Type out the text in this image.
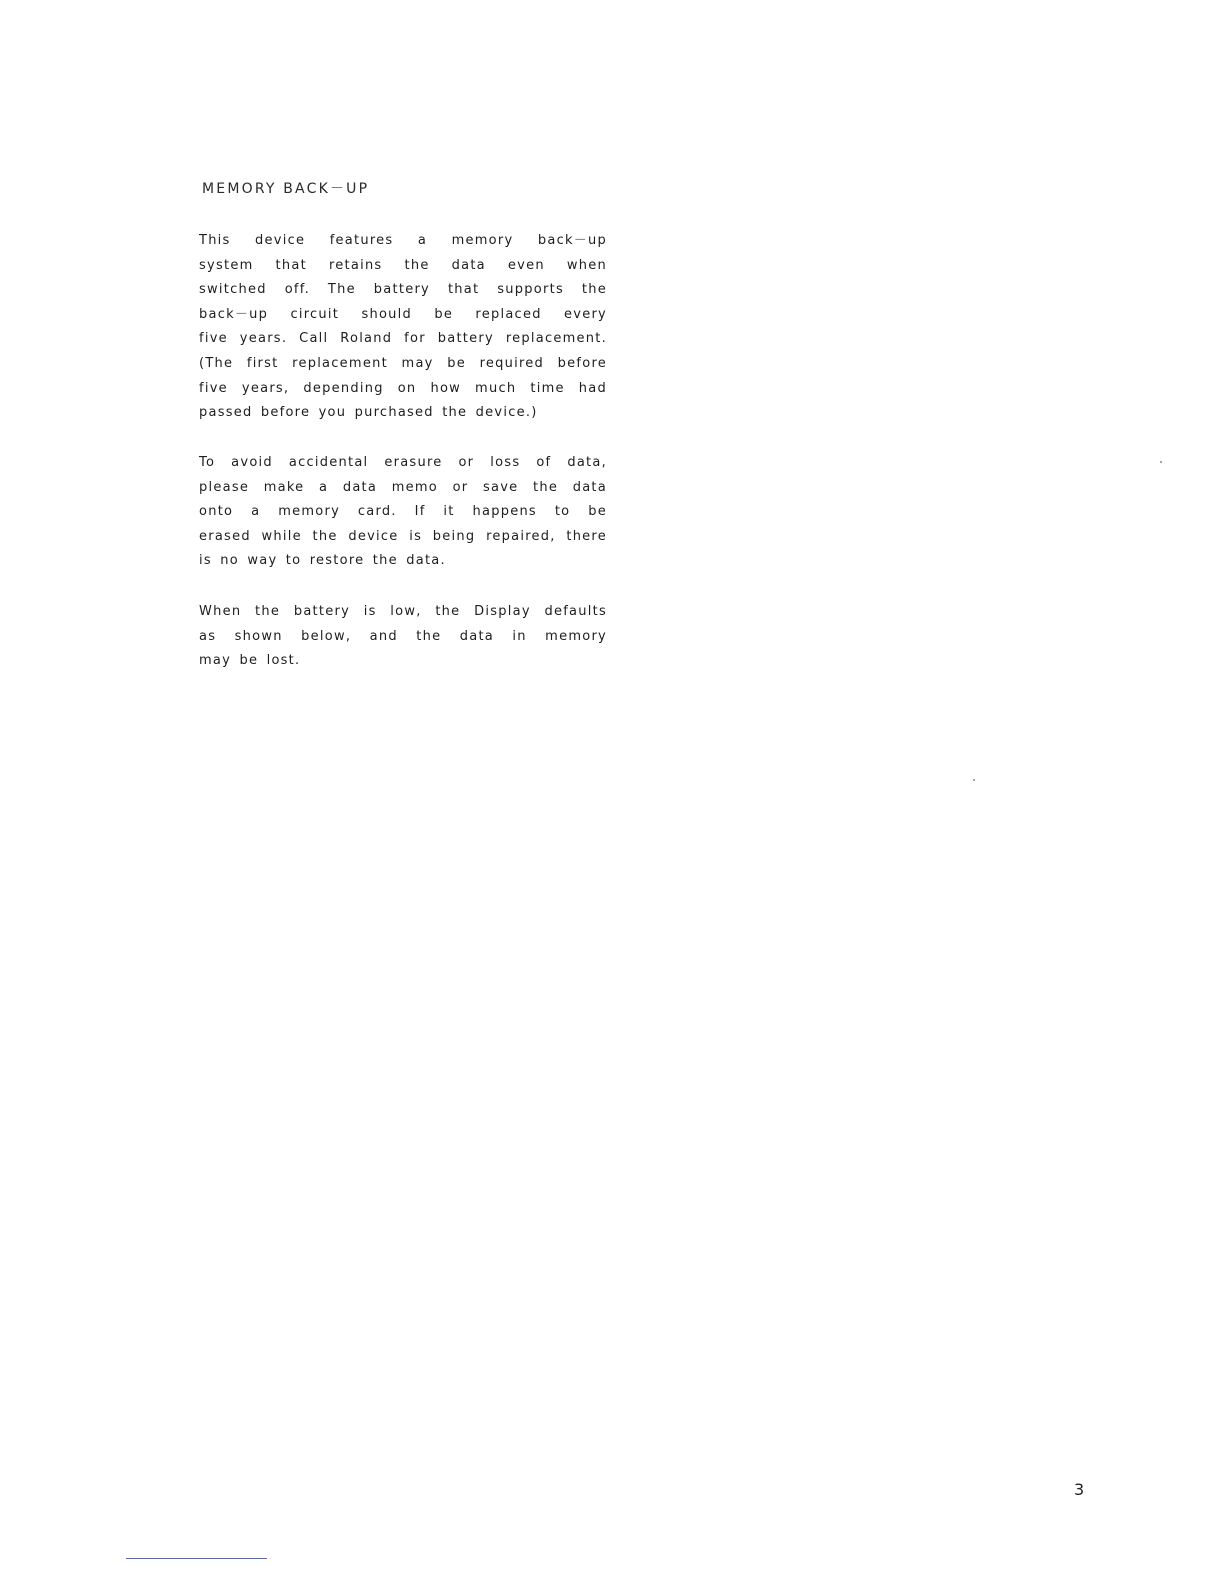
MEMORY BACK－UP
This device features a memory back－up
system that retains the data even when
switched off. The battery that supports the
back－up circuit should be replaced every
five years. Call Roland for battery replacement.
(The first replacement may be required before
five years, depending on how much time had
passed before you purchased the device.)
To avoid accidental erasure or loss of data,
please make a data memo or save the data
onto a memory card. If it happens to be
erased while the device is being repaired, there
is no way to restore the data.
When the battery is low, the Display defaults
as shown below, and the data in memory
may be lost.
3
